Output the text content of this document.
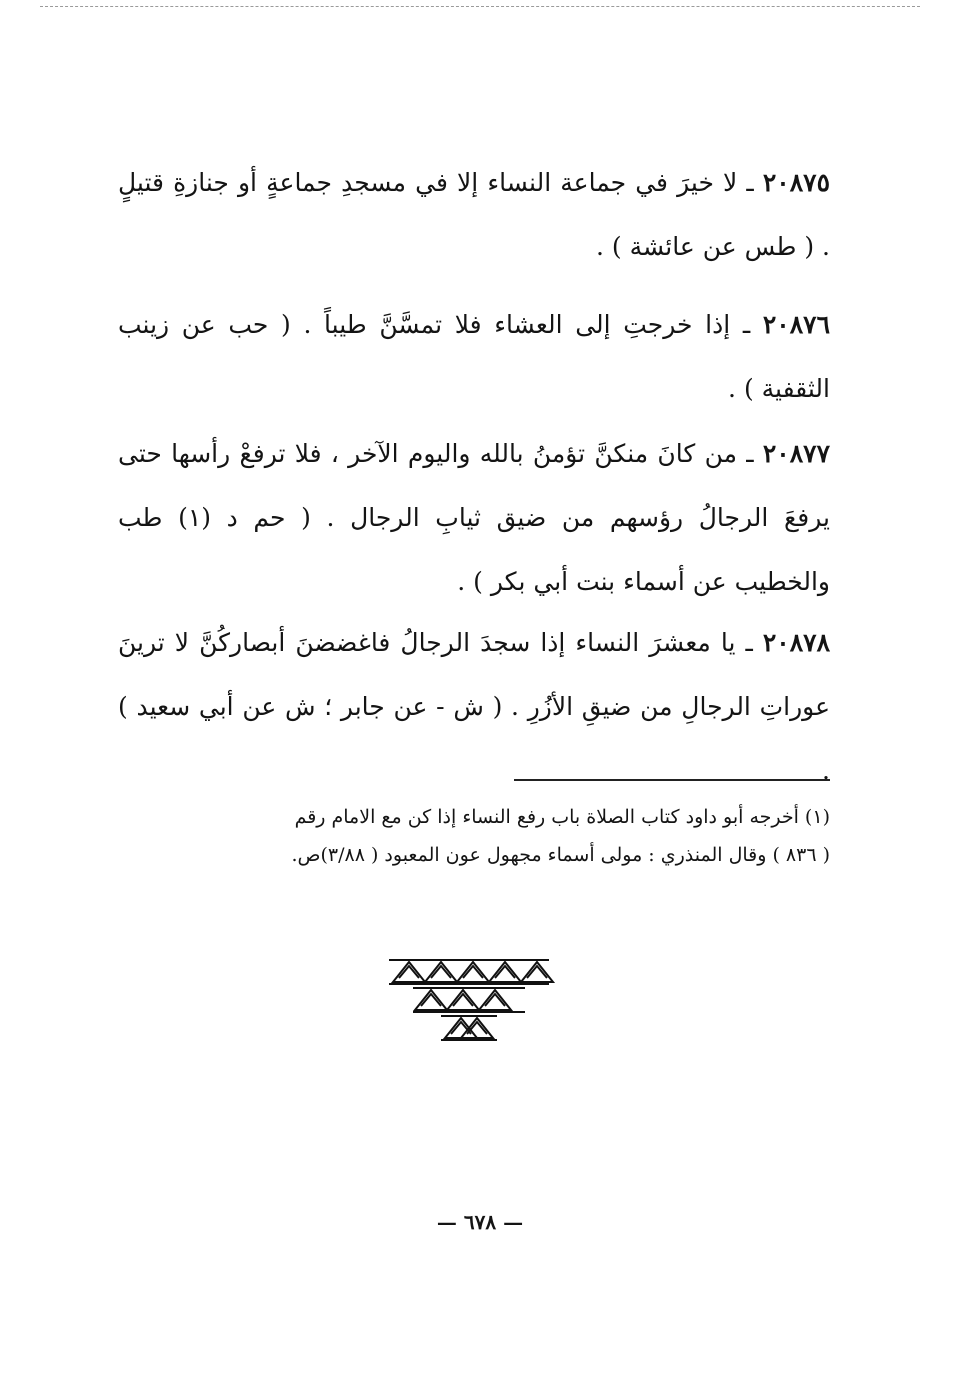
٢٠٨٧٥ ـ لا خيرَ في جماعة النساء إلا في مسجدِ جماعةٍ أو جنازةِ قتيلٍ . ( طس عن عائشة ) .

٢٠٨٧٦ ـ إذا خرجتِ إلى العشاء فلا تمسَّنَّ طيباً . ( حب عن زينب الثقفية ) .

٢٠٨٧٧ ـ من كانَ منكنَّ تؤمنُ بالله واليوم الآخر ، فلا ترفعْ رأسها حتى يرفعَ الرجالُ رؤسهم من ضيق ثيابِ الرجال . ( حم د (١) طب والخطيب عن أسماء بنت أبي بكر ) .

٢٠٨٧٨ ـ يا معشرَ النساء إذا سجدَ الرجالُ فاغضضنَ أبصاركُنَّ لا ترينَ عوراتِ الرجالِ من ضيقِ الأزُرِ . ( ش - عن جابر ؛ ش عن أبي سعيد ) .

(١) أخرجه أبو داود كتاب الصلاة باب رفع النساء إذا كن مع الامام رقم
( ٨٣٦ ) وقال المنذري : مولى أسماء مجهول عون المعبود ( ٣/٨٨)ص.
— ٦٧٨ —
